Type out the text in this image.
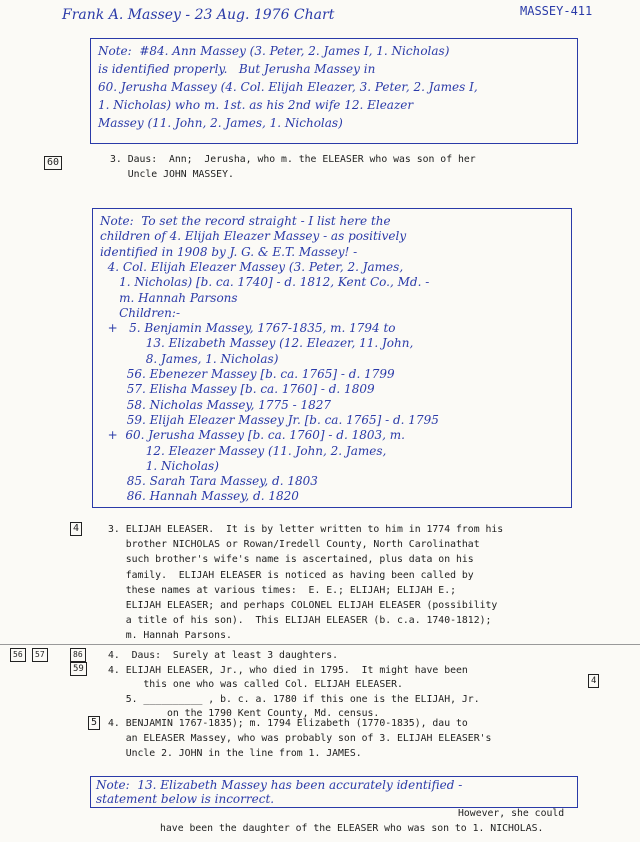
Frank A. Massey - 23 Aug. 1976 Chart	MASSEY-411
Note:  #84. Ann Massey (3. Peter, 2. James I, 1. Nicholas)
is identified properly.   But Jerusha Massey in
60. Jerusha Massey (4. Col. Elijah Eleazer, 3. Peter, 2. James I,
1. Nicholas) who m. 1st. as his 2nd wife 12. Eleazer
Massey (11. John, 2. James, 1. Nicholas)
60	3. Daus:  Ann;  Jerusha, who m. the ELEASER who was son of her
Uncle JOHN MASSEY.
Note:  To set the record straight - I list here the
children of 4. Elijah Eleazer Massey - as positively
identified in 1908 by J. G. & E.T. Massey! -
4. Col. Elijah Eleazer Massey (3. Peter, 2. James,
1. Nicholas) [b. ca. 1740] - d. 1812, Kent Co., Md. -
m. Hannah Parsons
Children:-
+   5. Benjamin Massey, 1767-1835, m. 1794 to
13. Elizabeth Massey (12. Eleazer, 11. John,
8. James, 1. Nicholas)
56. Ebenezer Massey [b. ca. 1765] - d. 1799
57. Elisha Massey [b. ca. 1760] - d. 1809
58. Nicholas Massey, 1775 - 1827
59. Elijah Eleazer Massey Jr. [b. ca. 1765] - d. 1795
+  60. Jerusha Massey [b. ca. 1760] - d. 1803, m.
12. Eleazer Massey (11. John, 2. James,
1. Nicholas)
85. Sarah Tara Massey, d. 1803
86. Hannah Massey, d. 1820
4	3. ELIJAH ELEASER.  It is by letter written to him in 1774 from his
brother NICHOLAS or Rowan/Iredell County, North Carolinathat
such brother's wife's name is ascertained, plus data on his
family.  ELIJAH ELEASER is noticed as having been called by
these names at various times:  E. E.; ELIJAH; ELIJAH E.;
ELIJAH ELEASER; and perhaps COLONEL ELIJAH ELEASER (possibility
a title of his son).  This ELIJAH ELEASER (b. c.a. 1740-1812);
m. Hannah Parsons.
56	57	86
59
4.  Daus:  Surely at least 3 daughters.
4. ELIJAH ELEASER, Jr., who died in 1795.  It might have been
this one who was called Col. ELIJAH ELEASER.
5. __________ , b. c. a. 1780 if this one is the ELIJAH, Jr.
on the 1790 Kent County, Md. census.
4
5	4. BENJAMIN 1767-1835); m. 1794 Elizabeth (1770-1835), dau to
an ELEASER Massey, who was probably son of 3. ELIJAH ELEASER's
Uncle 2. JOHN in the line from 1. JAMES.
Note:  13. Elizabeth Massey has been accurately identified -
statement below is incorrect.
However, she could
have been the daughter of the ELEASER who was son to 1. NICHOLAS.
